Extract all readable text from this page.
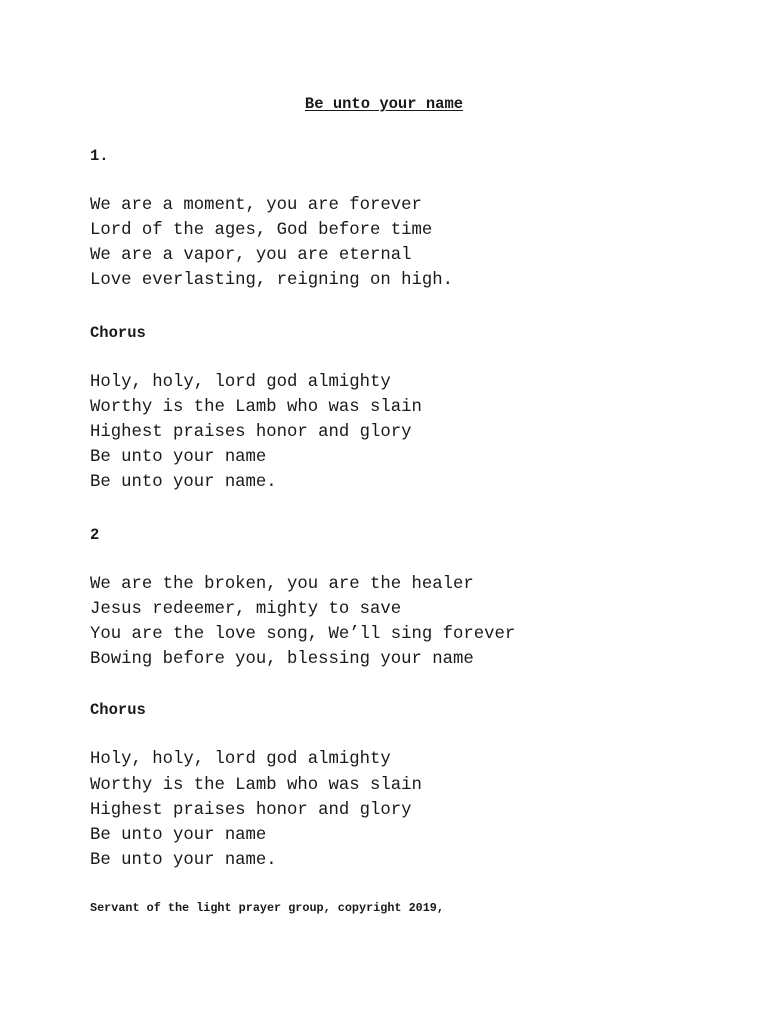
Be unto your name
1.
We are a moment, you are forever
Lord of the ages, God before time
We are a vapor, you are eternal
Love everlasting, reigning on high.
Chorus
Holy, holy, lord god almighty
Worthy is the Lamb who was slain
Highest praises honor and glory
Be unto your name
Be unto your name.
2
We are the broken, you are the healer
Jesus redeemer, mighty to save
You are the love song, We’ll sing forever
Bowing before you, blessing your name
Chorus
Holy, holy, lord god almighty
Worthy is the Lamb who was slain
Highest praises honor and glory
Be unto your name
Be unto your name.
Servant of the light prayer group, copyright 2019,
